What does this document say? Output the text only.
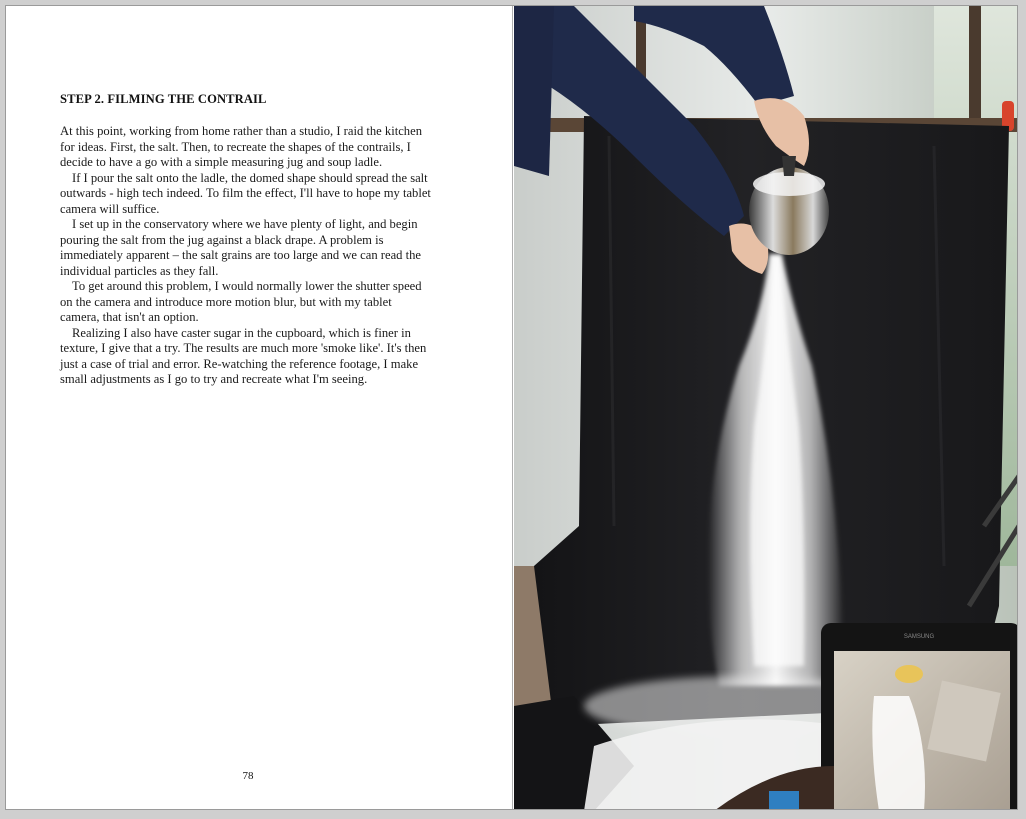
STEP 2. FILMING THE CONTRAIL

At this point, working from home rather than a studio, I raid the kitchen for ideas. First, the salt. Then, to recreate the shapes of the contrails, I decide to have a go with a simple measuring jug and soup ladle.

If I pour the salt onto the ladle, the domed shape should spread the salt outwards - high tech indeed. To film the effect, I'll have to hope my tablet camera will suffice.

I set up in the conservatory where we have plenty of light, and begin pouring the salt from the jug against a black drape. A problem is immediately apparent – the salt grains are too large and we can read the individual particles as they fall.

To get around this problem, I would normally lower the shutter speed on the camera and introduce more motion blur, but with my tablet camera, that isn't an option.

Realizing I also have caster sugar in the cupboard, which is finer in texture, I give that a try. The results are much more 'smoke like'. It's then just a case of trial and error. Re-watching the reference footage, I make small adjustments as I go to try and recreate what I'm seeing.

78
SAMSUNG
